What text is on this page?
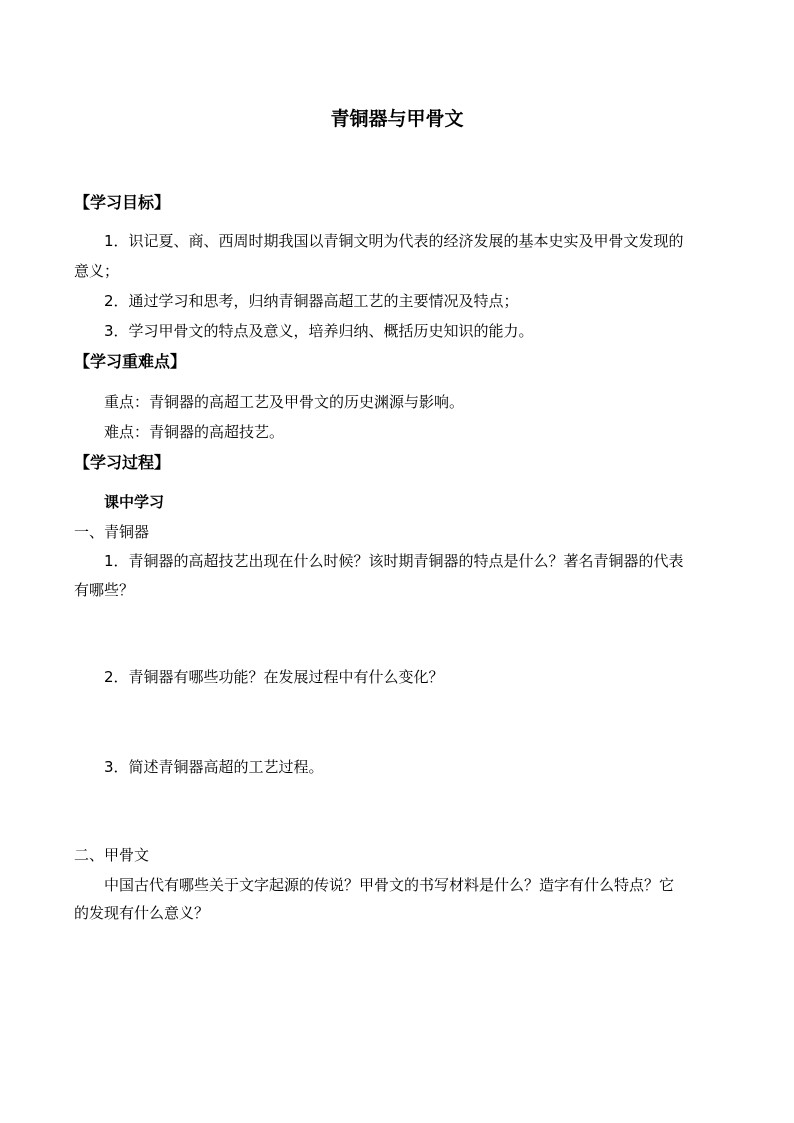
青铜器与甲骨文
【学习目标】
1．识记夏、商、西周时期我国以青铜文明为代表的经济发展的基本史实及甲骨文发现的
意义；
2．通过学习和思考，归纳青铜器高超工艺的主要情况及特点；
3．学习甲骨文的特点及意义，培养归纳、概括历史知识的能力。
【学习重难点】
重点：青铜器的高超工艺及甲骨文的历史渊源与影响。
难点：青铜器的高超技艺。
【学习过程】
课中学习
一、青铜器
1．青铜器的高超技艺出现在什么时候？该时期青铜器的特点是什么？著名青铜器的代表
有哪些？
2．青铜器有哪些功能？在发展过程中有什么变化？
3．简述青铜器高超的工艺过程。
二、甲骨文
中国古代有哪些关于文字起源的传说？甲骨文的书写材料是什么？造字有什么特点？它
的发现有什么意义？
